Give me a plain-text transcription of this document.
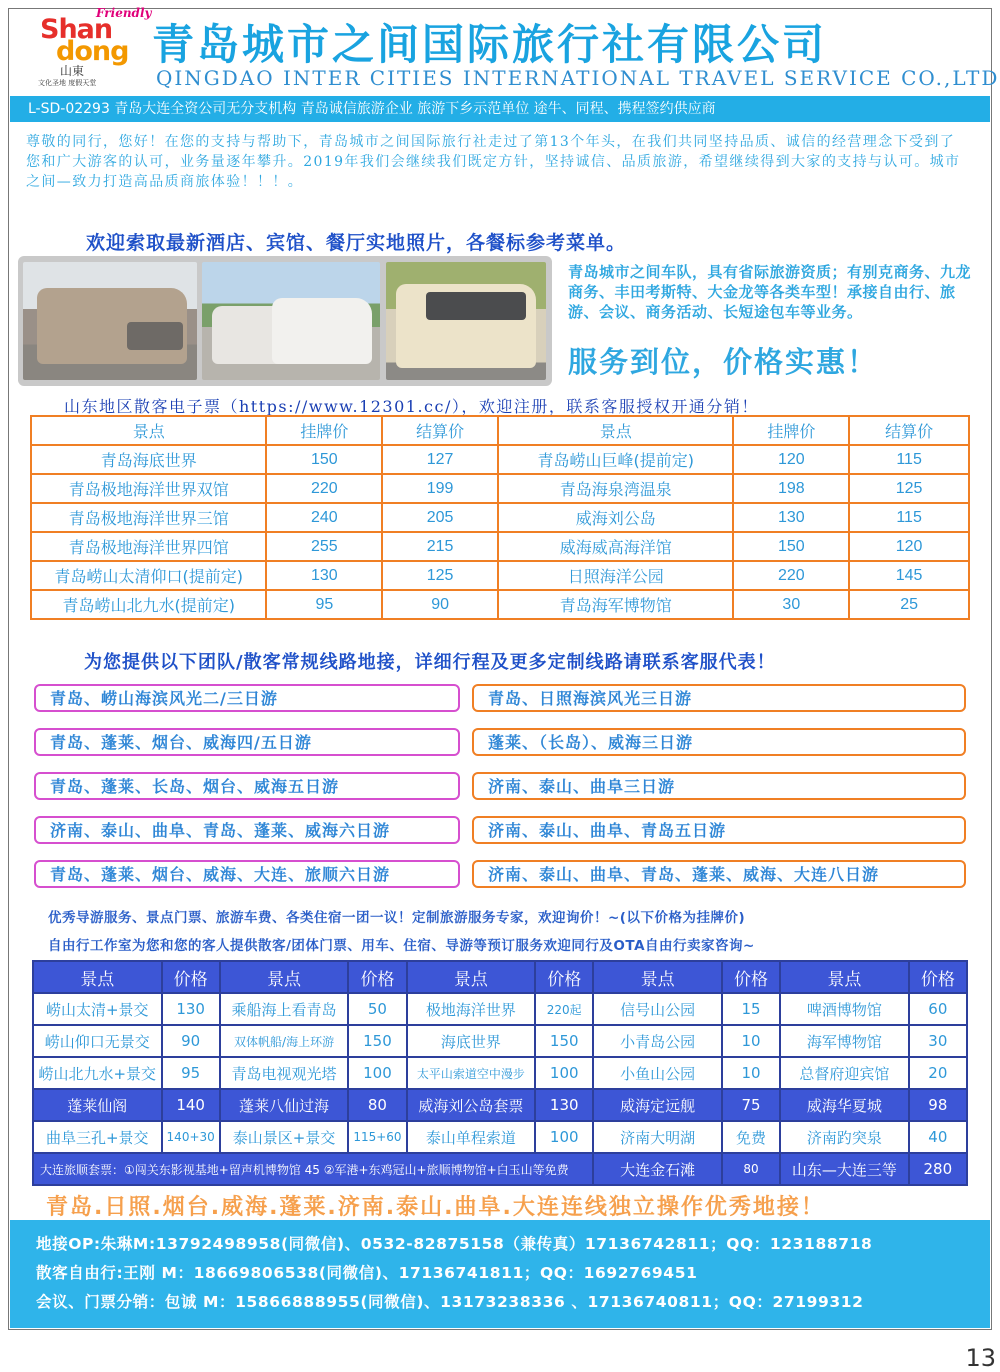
Friendly
Shan
dong
山東
文化圣地 度假天堂
青岛城市之间国际旅行社有限公司
QINGDAO INTER CITIES INTERNATIONAL TRAVEL SERVICE CO.,LTD
L-SD-02293 青岛大连全资公司无分支机构 青岛诚信旅游企业 旅游下乡示范单位 途牛、同程、携程签约供应商
尊敬的同行，您好！在您的支持与帮助下，青岛城市之间国际旅行社走过了第13个年头，在我们共同坚持品质、诚信的经营理念下受到了您和广大游客的认可，业务量逐年攀升。2019年我们会继续我们既定方针，坚持诚信、品质旅游，希望继续得到大家的支持与认可。城市之间—致力打造高品质商旅体验！！！。
欢迎索取最新酒店、宾馆、餐厅实地照片，各餐标参考菜单。
青岛城市之间车队，具有省际旅游资质；有别克商务、九龙商务、丰田考斯特、大金龙等各类车型！承接自由行、旅游、会议、商务活动、长短途包车等业务。
服务到位，价格实惠！
山东地区散客电子票（https://www.12301.cc/），欢迎注册，联系客服授权开通分销！
景点	挂牌价	结算价	景点	挂牌价	结算价
青岛海底世界	150	127	青岛崂山巨峰(提前定)	120	115
青岛极地海洋世界双馆	220	199	青岛海泉湾温泉	198	125
青岛极地海洋世界三馆	240	205	威海刘公岛	130	115
青岛极地海洋世界四馆	255	215	威海威高海洋馆	150	120
青岛崂山太清仰口(提前定)	130	125	日照海洋公园	220	145
青岛崂山北九水(提前定)	95	90	青岛海军博物馆	30	25
为您提供以下团队/散客常规线路地接，详细行程及更多定制线路请联系客服代表！
青岛、崂山海滨风光二/三日游
青岛、蓬莱、烟台、威海四/五日游
青岛、蓬莱、长岛、烟台、威海五日游
济南、泰山、曲阜、青岛、蓬莱、威海六日游
青岛、蓬莱、烟台、威海、大连、旅顺六日游
青岛、日照海滨风光三日游
蓬莱、（长岛）、威海三日游
济南、泰山、曲阜三日游
济南、泰山、曲阜、青岛五日游
济南、泰山、曲阜、青岛、蓬莱、威海、大连八日游
优秀导游服务、景点门票、旅游车费、各类住宿一团一议！定制旅游服务专家，欢迎询价！~(以下价格为挂牌价)
自由行工作室为您和您的客人提供散客/团体门票、用车、住宿、导游等预订服务欢迎同行及OTA自由行卖家咨询~
景点	价格	景点	价格	景点	价格	景点	价格	景点	价格
崂山太清+景交	130	乘船海上看青岛	50	极地海洋世界	220起	信号山公园	15	啤酒博物馆	60
崂山仰口无景交	90	双体帆船/海上环游	150	海底世界	150	小青岛公园	10	海军博物馆	30
崂山北九水+景交	95	青岛电视观光塔	100	太平山索道空中漫步	100	小鱼山公园	10	总督府迎宾馆	20
蓬莱仙阁	140	蓬莱八仙过海	80	威海刘公岛套票	130	威海定远舰	75	威海华夏城	98
曲阜三孔+景交	140+30	泰山景区+景交	115+60	泰山单程索道	100	济南大明湖	免费	济南趵突泉	40
大连旅顺套票：①闯关东影视基地+留声机博物馆 45 ②军港+东鸡冠山+旅顺博物馆+白玉山等免费						大连金石滩	80	山东—大连三等	280
青岛.日照.烟台.威海.蓬莱.济南.泰山.曲阜.大连连线独立操作优秀地接！
地接OP:朱琳M:13792498958(同微信)、0532-82875158（兼传真）17136742811；QQ：123188718
散客自由行:王刚 M：18669806538(同微信)、17136741811；QQ：1692769451
会议、门票分销：包诚 M：15866888955(同微信)、13173238336 、17136740811；QQ：27199312
13
